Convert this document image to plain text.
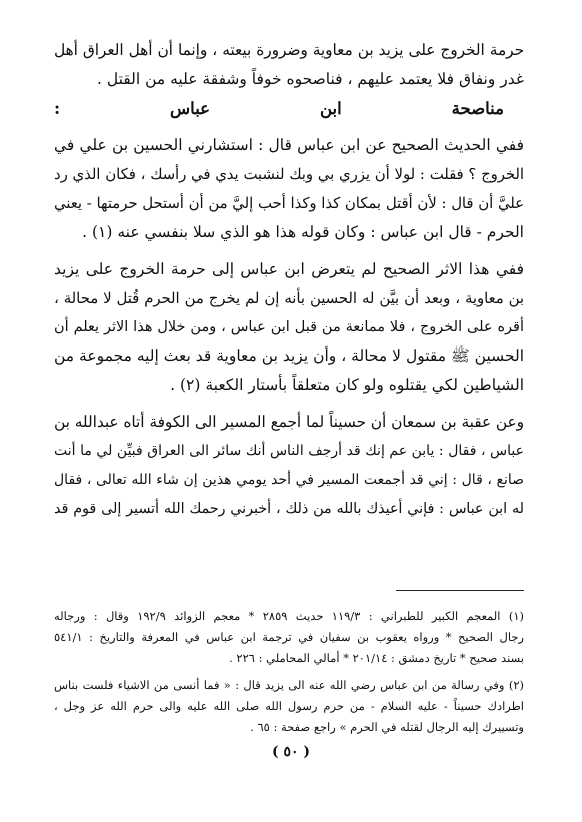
حرمة الخروج على يزيد بن معاوية وضرورة بيعته ، وإنما أن أهل العراق أهل
غدر ونفاق فلا يعتمد عليهم ، فناصحوه خوفاً وشفقة عليه من القتل .
مناصحة ابن عباس :
ففي الحديث الصحيح عن ابن عباس قال : استشارني الحسين بن علي في
الخروج ؟ فقلت : لولا أن يزري بي وبك لنشبت يدي في رأسك ، فكان الذي رد
عليَّ أن قال : لأن أقتل بمكان كذا وكذا أحب إليَّ من أن أستحل حرمتها - يعني
الحرم - قال ابن عباس : وكان قوله هذا هو الذي سلا بنفسي عنه (١) .
ففي هذا الاثر الصحيح لم يتعرض ابن عباس إلى حرمة الخروج على يزيد
بن معاوية ، وبعد أن بيَّن له الحسين بأنه إن لم يخرج من الحرم قُتل لا محالة ،
أقره على الخروج ، فلا ممانعة من قبل ابن عباس ، ومن خلال هذا الاثر يعلم أن
الحسين ﷺ مقتول لا محالة ، وأن يزيد بن معاوية قد بعث إليه مجموعة من
الشياطين لكي يقتلوه ولو كان متعلقاً بأستار الكعبة (٢) .
وعن عقبة بن سمعان أن حسيناً لما أجمع المسير الى الكوفة أتاه عبدالله بن
عباس ، فقال : يابن عم إنك قد أرجف الناس أنك سائر الى العراق فبيِّن لي ما أنت
صانع ، قال : إني قد أجمعت المسير في أحد يومي هذين إن شاء الله تعالى ، فقال
له ابن عباس : فإني أعيذك بالله من ذلك ، أخبرني رحمك الله أتسير إلى قوم قد
(١) المعجم الكبير للطبراني : ١١٩/٣ حديث ٢٨٥٩ * معجم الزوائد ١٩٢/٩ وقال : ورجاله
رجال الصحيح * ورواه يعقوب بن سفيان في ترجمة ابن عباس في المعرفة والتاريخ : ٥٤١/١
بسند صحيح * تاريخ دمشق : ٢٠١/١٤ * أمالي المحاملي : ٢٢٦ .
(٢) وفي رسالة من ابن عباس رضي الله عنه الى يزيد قال : « فما أنسى من الاشياء فلست بناس
اطرادك حسيناً - عليه السلام - من حرم رسول الله صلى الله عليه والى حرم الله عز وجل ،
وتسييرك إليه الرجال لقتله في الحرم » راجع صفحة : ٦٥ .
( ٥٠ )
